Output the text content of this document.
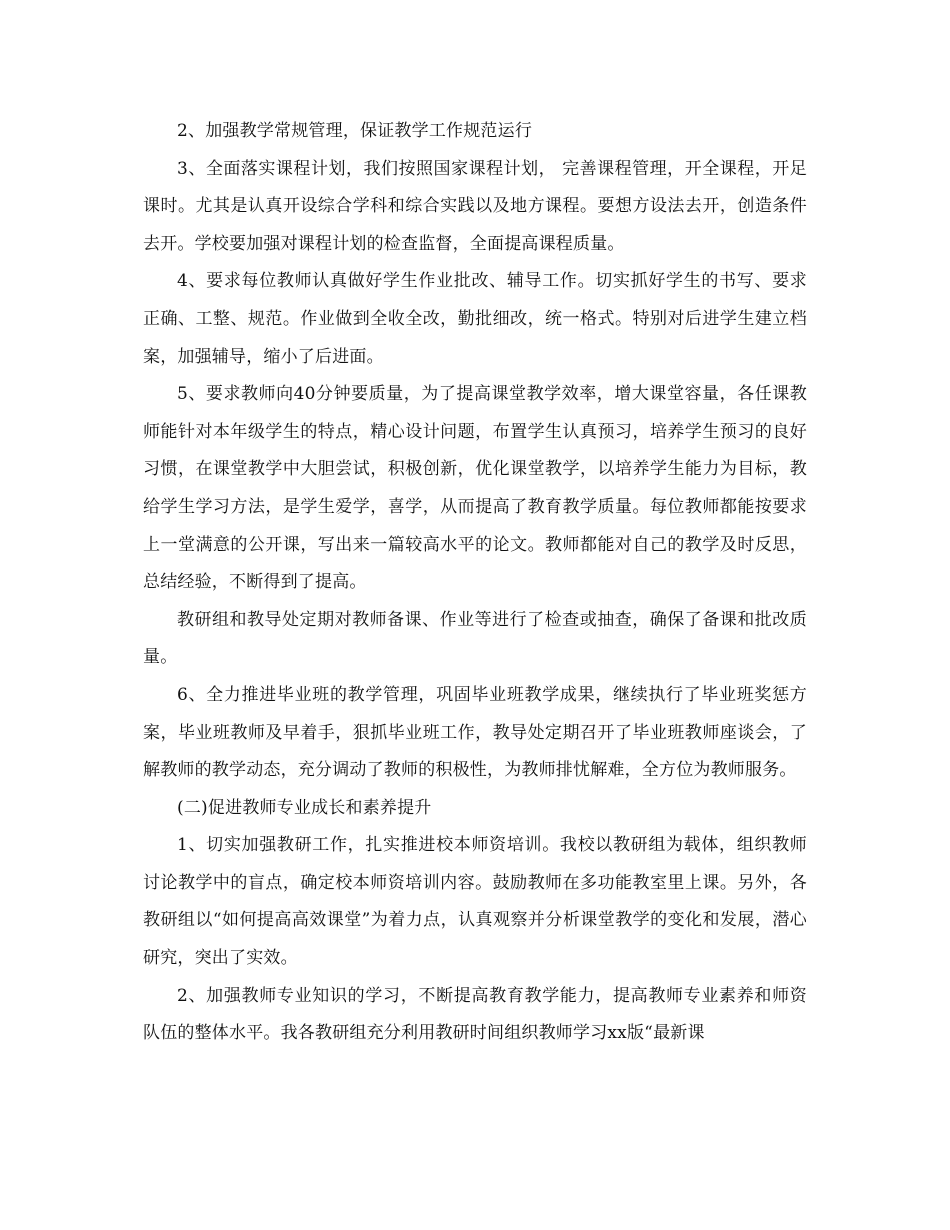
2、加强教学常规管理，保证教学工作规范运行

3、全面落实课程计划，我们按照国家课程计划， 完善课程管理，开全课程，开足课时。尤其是认真开设综合学科和综合实践以及地方课程。要想方设法去开，创造条件去开。学校要加强对课程计划的检查监督，全面提高课程质量。

4、要求每位教师认真做好学生作业批改、辅导工作。切实抓好学生的书写、要求正确、工整、规范。作业做到全收全改，勤批细改，统一格式。特别对后进学生建立档案，加强辅导，缩小了后进面。

5、要求教师向40分钟要质量，为了提高课堂教学效率，增大课堂容量，各任课教师能针对本年级学生的特点，精心设计问题，布置学生认真预习，培养学生预习的良好习惯，在课堂教学中大胆尝试，积极创新，优化课堂教学，以培养学生能力为目标，教给学生学习方法，是学生爱学，喜学，从而提高了教育教学质量。每位教师都能按要求上一堂满意的公开课，写出来一篇较高水平的论文。教师都能对自己的教学及时反思，总结经验，不断得到了提高。

教研组和教导处定期对教师备课、作业等进行了检查或抽查，确保了备课和批改质量。

6、全力推进毕业班的教学管理，巩固毕业班教学成果，继续执行了毕业班奖惩方案，毕业班教师及早着手，狠抓毕业班工作，教导处定期召开了毕业班教师座谈会，了解教师的教学动态，充分调动了教师的积极性，为教师排忧解难，全方位为教师服务。

(二)促进教师专业成长和素养提升

1、切实加强教研工作，扎实推进校本师资培训。我校以教研组为载体，组织教师讨论教学中的盲点，确定校本师资培训内容。鼓励教师在多功能教室里上课。另外，各教研组以“如何提高高效课堂”为着力点，认真观察并分析课堂教学的变化和发展，潜心研究，突出了实效。

2、加强教师专业知识的学习，不断提高教育教学能力，提高教师专业素养和师资队伍的整体水平。我各教研组充分利用教研时间组织教师学习xx版“最新课
